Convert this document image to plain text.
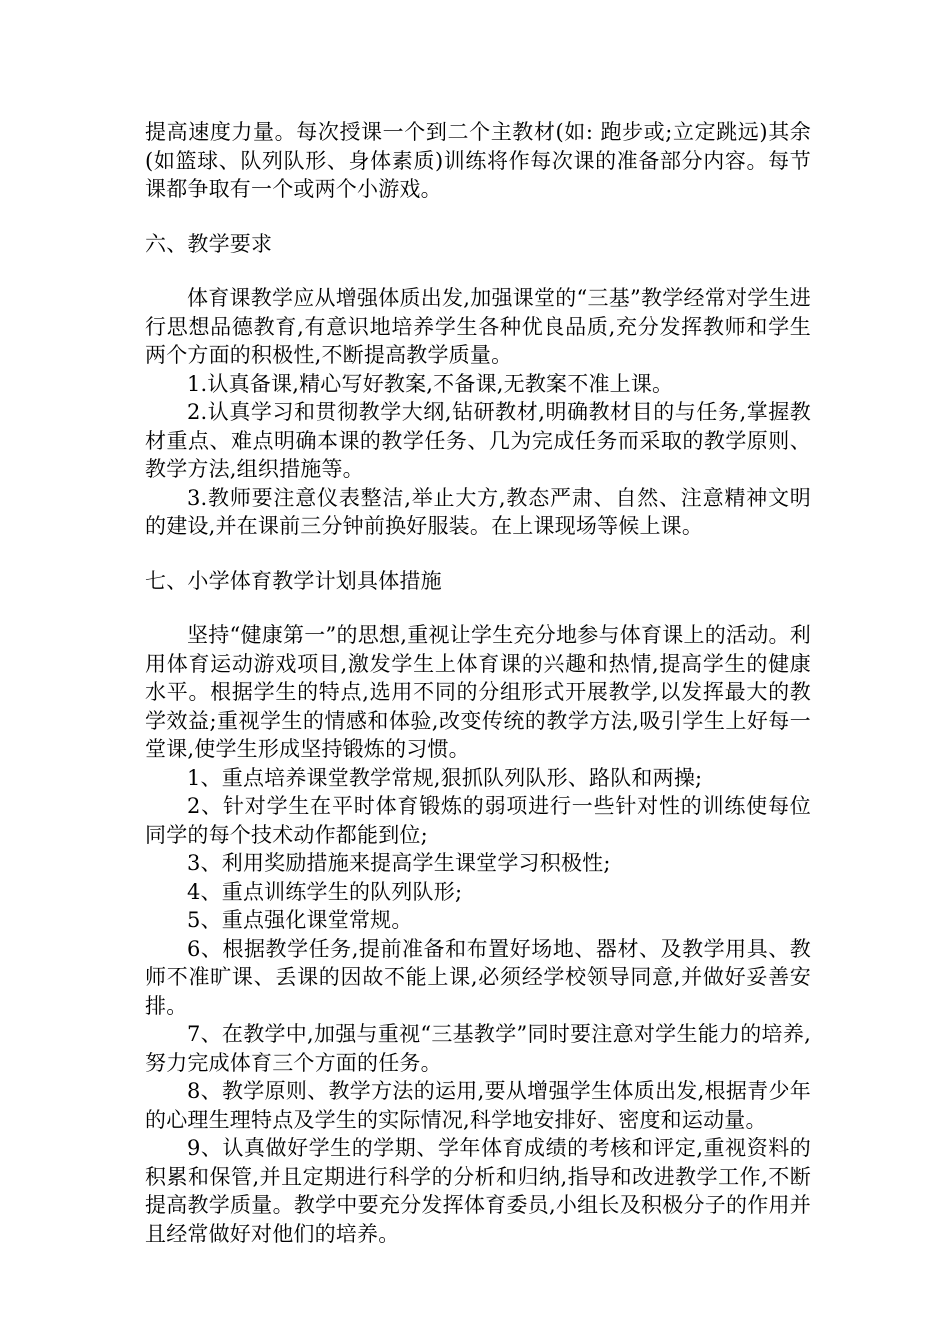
提高速度力量。每次授课一个到二个主教材(如: 跑步或;立定跳远)其余(如篮球、队列队形、身体素质)训练将作每次课的准备部分内容。每节课都争取有一个或两个小游戏。

六、教学要求

体育课教学应从增强体质出发,加强课堂的“三基”教学经常对学生进行思想品德教育,有意识地培养学生各种优良品质,充分发挥教师和学生两个方面的积极性,不断提高教学质量。

1.认真备课,精心写好教案,不备课,无教案不准上课。

2.认真学习和贯彻教学大纲,钻研教材,明确教材目的与任务,掌握教材重点、难点明确本课的教学任务、几为完成任务而采取的教学原则、教学方法,组织措施等。

3.教师要注意仪表整洁,举止大方,教态严肃、自然、注意精神文明的建设,并在课前三分钟前换好服装。在上课现场等候上课。

七、小学体育教学计划具体措施

坚持“健康第一”的思想,重视让学生充分地参与体育课上的活动。利用体育运动游戏项目,激发学生上体育课的兴趣和热情,提高学生的健康水平。根据学生的特点,选用不同的分组形式开展教学,以发挥最大的教学效益;重视学生的情感和体验,改变传统的教学方法,吸引学生上好每一堂课,使学生形成坚持锻炼的习惯。

1、重点培养课堂教学常规,狠抓队列队形、路队和两操;

2、针对学生在平时体育锻炼的弱项进行一些针对性的训练使每位同学的每个技术动作都能到位;

3、利用奖励措施来提高学生课堂学习积极性;

4、重点训练学生的队列队形;

5、重点强化课堂常规。

6、根据教学任务,提前准备和布置好场地、器材、及教学用具、教师不准旷课、丢课的因故不能上课,必须经学校领导同意,并做好妥善安排。

7、在教学中,加强与重视“三基教学”同时要注意对学生能力的培养,努力完成体育三个方面的任务。

8、教学原则、教学方法的运用,要从增强学生体质出发,根据青少年的心理生理特点及学生的实际情况,科学地安排好、密度和运动量。

9、认真做好学生的学期、学年体育成绩的考核和评定,重视资料的积累和保管,并且定期进行科学的分析和归纳,指导和改进教学工作,不断提高教学质量。教学中要充分发挥体育委员,小组长及积极分子的作用并且经常做好对他们的培养。
